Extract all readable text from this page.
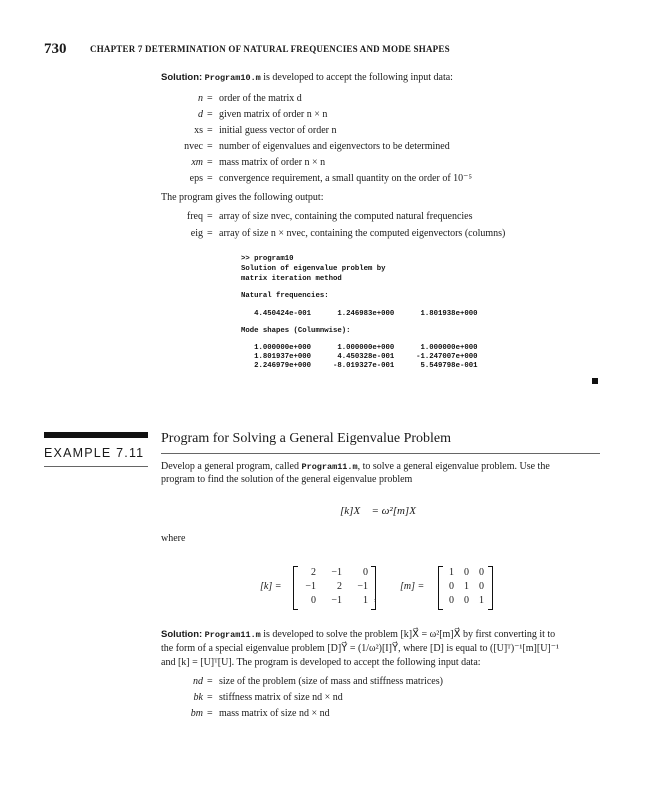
730	CHAPTER 7 DETERMINATION OF NATURAL FREQUENCIES AND MODE SHAPES
Solution: Program10.m is developed to accept the following input data:
n = order of the matrix d
d = given matrix of order n × n
xs = initial guess vector of order n
nvec = number of eigenvalues and eigenvectors to be determined
xm = mass matrix of order n × n
eps = convergence requirement, a small quantity on the order of 10⁻⁵
The program gives the following output:
freq = array of size nvec, containing the computed natural frequencies
eig = array of size n × nvec, containing the computed eigenvectors (columns)
>> program10
Solution of eigenvalue problem by
matrix iteration method
Natural frequencies:
4.450424e-001      1.246983e+000      1.801938e+000
Mode shapes (Columnwise):
1.000000e+000      1.000000e+000      1.000000e+000
1.801937e+000      4.450328e-001     -1.247007e+000
2.246979e+000     -8.019327e-001      5.549798e-001
EXAMPLE 7.11
Program for Solving a General Eigenvalue Problem
Develop a general program, called Program11.m, to solve a general eigenvalue problem. Use the
program to find the solution of the general eigenvalue problem
[k]X⃗ = ω²[m]X⃗
where
[k] =
2	−1	0
−1	2	−1
0	−1	1 ,
[m] =
1	0	0
0	1	0
0	0	1
Solution: Program11.m is developed to solve the problem [k]X⃗ = ω²[m]X⃗ by first converting it to
the form of a special eigenvalue problem [D]Y⃗ = (1/ω²)[I]Y⃗, where [D] is equal to ([U]ᵀ)⁻¹[m][U]⁻¹
and [k] = [U]ᵀ[U]. The program is developed to accept the following input data:
nd = size of the problem (size of mass and stiffness matrices)
bk = stiffness matrix of size nd × nd
bm = mass matrix of size nd × nd
